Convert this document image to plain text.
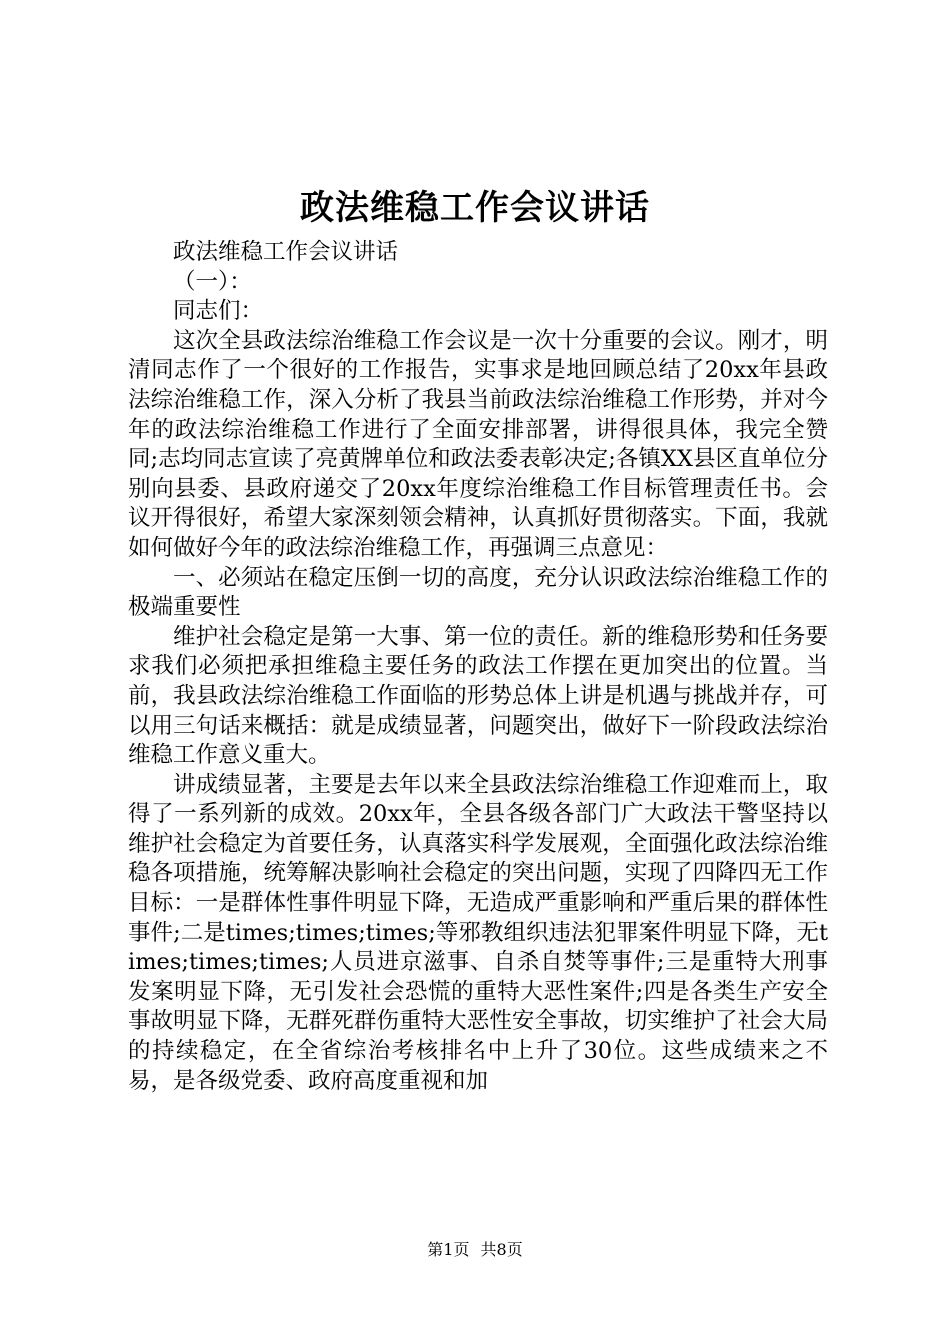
政法维稳工作会议讲话

政法维稳工作会议讲话

（一）：

同志们：

这次全县政法综治维稳工作会议是一次十分重要的会议。刚才，明清同志作了一个很好的工作报告，实事求是地回顾总结了20xx年县政法综治维稳工作，深入分析了我县当前政法综治维稳工作形势，并对今年的政法综治维稳工作进行了全面安排部署，讲得很具体，我完全赞同;志均同志宣读了亮黄牌单位和政法委表彰决定;各镇XX县区直单位分别向县委、县政府递交了20xx年度综治维稳工作目标管理责任书。会议开得很好，希望大家深刻领会精神，认真抓好贯彻落实。下面，我就如何做好今年的政法综治维稳工作，再强调三点意见：

一、必须站在稳定压倒一切的高度，充分认识政法综治维稳工作的极端重要性

维护社会稳定是第一大事、第一位的责任。新的维稳形势和任务要求我们必须把承担维稳主要任务的政法工作摆在更加突出的位置。当前，我县政法综治维稳工作面临的形势总体上讲是机遇与挑战并存，可以用三句话来概括：就是成绩显著，问题突出，做好下一阶段政法综治维稳工作意义重大。

讲成绩显著，主要是去年以来全县政法综治维稳工作迎难而上，取得了一系列新的成效。20xx年，全县各级各部门广大政法干警坚持以维护社会稳定为首要任务，认真落实科学发展观，全面强化政法综治维稳各项措施，统筹解决影响社会稳定的突出问题，实现了四降四无工作目标：一是群体性事件明显下降，无造成严重影响和严重后果的群体性事件;二是times;times;times;等邪教组织违法犯罪案件明显下降，无times;times;times;人员进京滋事、自杀自焚等事件;三是重特大刑事发案明显下降，无引发社会恐慌的重特大恶性案件;四是各类生产安全事故明显下降，无群死群伤重特大恶性安全事故，切实维护了社会大局的持续稳定，在全省综治考核排名中上升了30位。这些成绩来之不易，是各级党委、政府高度重视和加

第1页 共8页
